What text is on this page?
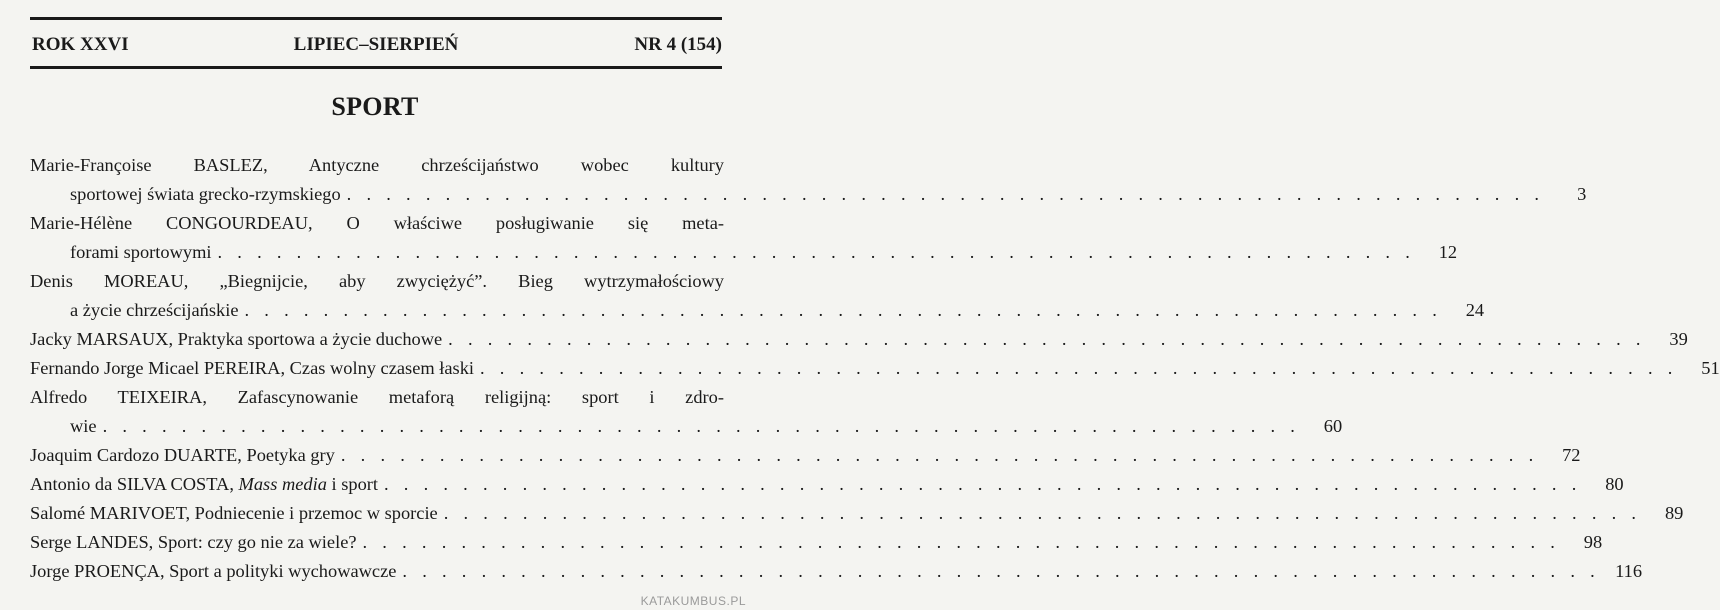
ROK XXVI	LIPIEC–SIERPIEŃ	NR 4 (154)
SPORT
Marie-Françoise BASLEZ, Antyczne chrześcijaństwo wobec kultury
sportowej świata grecko-rzymskiego . . . . . . . . . . . . . . . . . . . . . . . . . . . . . . . . . . . . . . . . . . . . . . . . . . . . . . . . . . . . .	3
Marie-Hélène CONGOURDEAU, O właściwe posługiwanie się meta-
forami sportowymi . . . . . . . . . . . . . . . . . . . . . . . . . . . . . . . . . . . . . . . . . . . . . . . . . . . . . . . . . . . . .	12
Denis MOREAU, „Biegnijcie, aby zwyciężyć”. Bieg wytrzymałościowy
a życie chrześcijańskie . . . . . . . . . . . . . . . . . . . . . . . . . . . . . . . . . . . . . . . . . . . . . . . . . . . . . . . . . . . . .	24
Jacky MARSAUX, Praktyka sportowa a życie duchowe . . . . . . . . . . . . . . . . . . . . . . . . . . . . . . . . . . . . . . . . . . . . . . . . . . . . . . . . . . . . .	39
Fernando Jorge Micael PEREIRA, Czas wolny czasem łaski . . . . . . . . . . . . . . . . . . . . . . . . . . . . . . . . . . . . . . . . . . . . . . . . . . . . . . . . . . . . .	51
Alfredo TEIXEIRA, Zafascynowanie metaforą religijną: sport i zdro-
wie . . . . . . . . . . . . . . . . . . . . . . . . . . . . . . . . . . . . . . . . . . . . . . . . . . . . . . . . . . . . .	60
Joaquim Cardozo DUARTE, Poetyka gry . . . . . . . . . . . . . . . . . . . . . . . . . . . . . . . . . . . . . . . . . . . . . . . . . . . . . . . . . . . . .	72
Antonio da SILVA COSTA, Mass media i sport . . . . . . . . . . . . . . . . . . . . . . . . . . . . . . . . . . . . . . . . . . . . . . . . . . . . . . . . . . . . .	80
Salomé MARIVOET, Podniecenie i przemoc w sporcie . . . . . . . . . . . . . . . . . . . . . . . . . . . . . . . . . . . . . . . . . . . . . . . . . . . . . . . . . . . . .	89
Serge LANDES, Sport: czy go nie za wiele? . . . . . . . . . . . . . . . . . . . . . . . . . . . . . . . . . . . . . . . . . . . . . . . . . . . . . . . . . . . . .	98
Jorge PROENÇA, Sport a polityki wychowawcze . . . . . . . . . . . . . . . . . . . . . . . . . . . . . . . . . . . . . . . . . . . . . . . . . . . . . . . . . . . . . 116
KATAKUMBUS.PL
